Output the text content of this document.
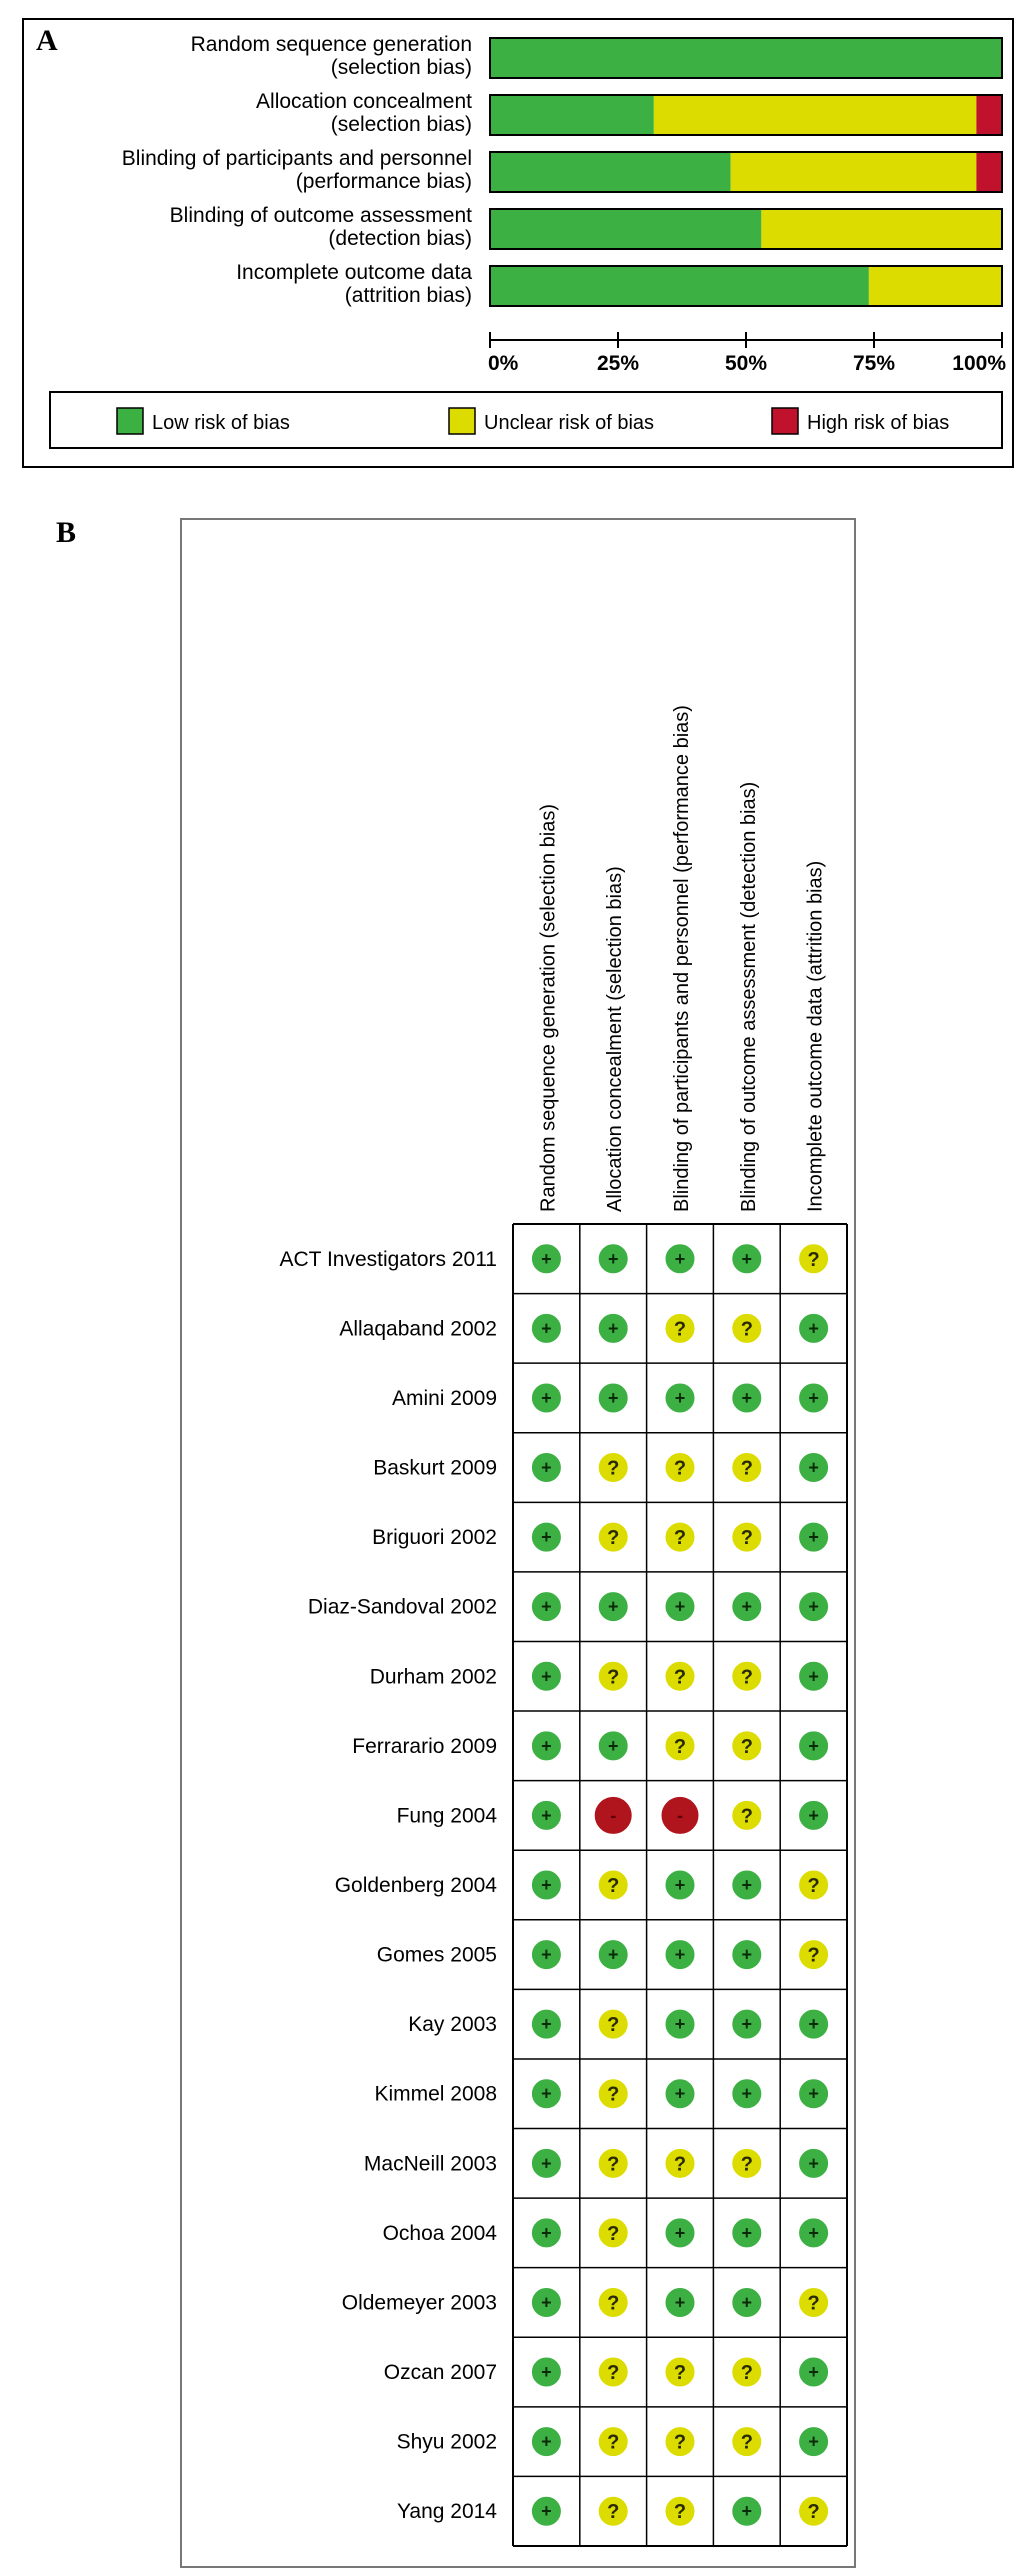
A	Random sequence generation
(selection bias)
Allocation concealment
(selection bias)
Blinding of participants and personnel
(performance bias)
Blinding of outcome assessment
(detection bias)
Incomplete outcome data
(attrition bias)
0%	25%	50%	75%	100%
Low risk of bias	Unclear risk of bias	High risk of bias
B
Random sequence generation (selection bias) Allocation concealment (selection bias) Blinding of participants and personnel (performance bias) Blinding of outcome assessment (detection bias) Incomplete outcome data (attrition bias)
ACT Investigators 2011 +	+	+	+	?
Allaqaband 2002 +	+	?	?	+
Amini 2009 +	+	+	+	+
Baskurt 2009 +	?	?	?	+
Briguori 2002 +	?	?	?	+
Diaz-Sandoval 2002 +	+	+	+	+
Durham 2002 +	?	?	?	+
Ferrarario 2009 +	+	?	?	+
Fung 2004 +	-	-	?	+
Goldenberg 2004 +	?	+	+	?
Gomes 2005 +	+	+	+	?
Kay 2003 +	?	+	+	+
Kimmel 2008 +	?	+	+	+
MacNeill 2003 +	?	?	?	+
Ochoa 2004 +	?	+	+	+
Oldemeyer 2003 +	?	+	+	?
Ozcan 2007 +	?	?	?	+
Shyu 2002 +	?	?	?	+
Yang 2014 +	?	?	+	?
